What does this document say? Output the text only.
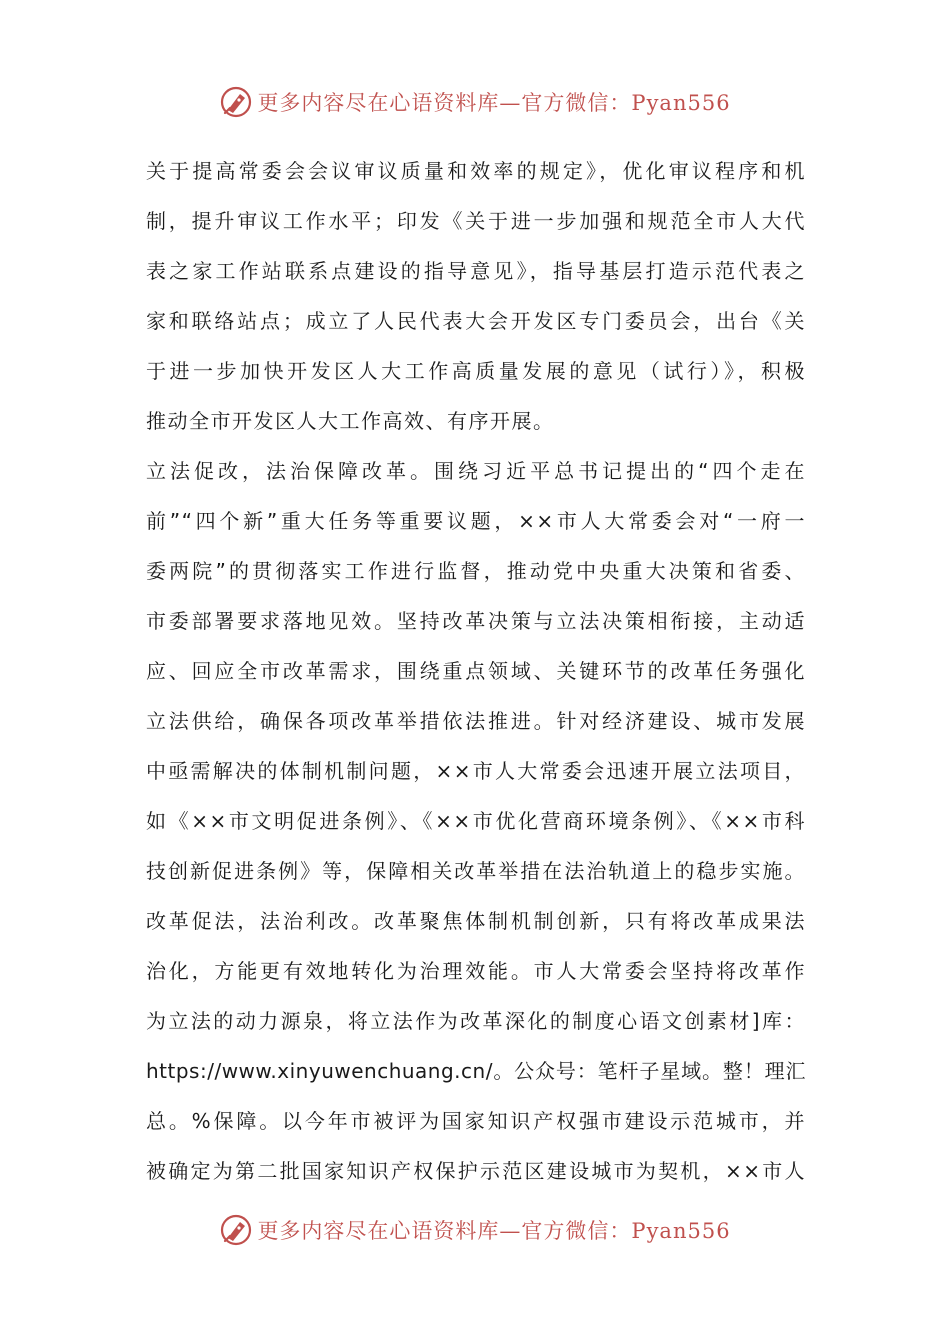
更多内容尽在心语资料库—官方微信：Pyan556
关于提高常委会会议审议质量和效率的规定》，优化审议程序和机
制，提升审议工作水平；印发《关于进一步加强和规范全市人大代
表之家工作站联系点建设的指导意见》，指导基层打造示范代表之
家和联络站点；成立了人民代表大会开发区专门委员会，出台《关
于进一步加快开发区人大工作高质量发展的意见（试行）》，积极
推动全市开发区人大工作高效、有序开展。
立法促改，法治保障改革。围绕习近平总书记提出的“四个走在
前”“四个新”重大任务等重要议题，××市人大常委会对“一府一
委两院”的贯彻落实工作进行监督，推动党中央重大决策和省委、
市委部署要求落地见效。坚持改革决策与立法决策相衔接，主动适
应、回应全市改革需求，围绕重点领域、关键环节的改革任务强化
立法供给，确保各项改革举措依法推进。针对经济建设、城市发展
中亟需解决的体制机制问题，××市人大常委会迅速开展立法项目，
如《××市文明促进条例》、《××市优化营商环境条例》、《××市科
技创新促进条例》等，保障相关改革举措在法治轨道上的稳步实施。
改革促法，法治利改。改革聚焦体制机制创新，只有将改革成果法
治化，方能更有效地转化为治理效能。市人大常委会坚持将改革作
为立法的动力源泉，将立法作为改革深化的制度心语文创素材]库：
https://www.xinyuwenchuang.cn/。公众号：笔杆子星域。整！理汇
总。%保障。以今年市被评为国家知识产权强市建设示范城市，并
被确定为第二批国家知识产权保护示范区建设城市为契机，××市人
更多内容尽在心语资料库—官方微信：Pyan556
